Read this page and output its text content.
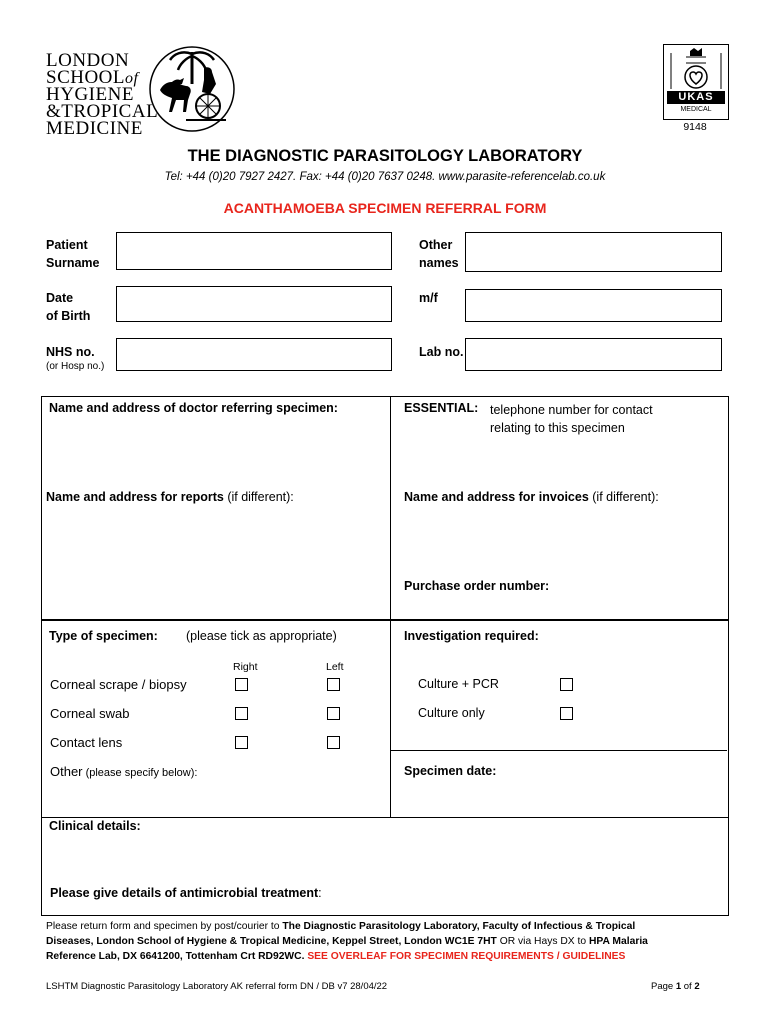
LONDON
SCHOOLof
HYGIENE
&TROPICAL
MEDICINE
UKAS
MEDICAL
9148
THE DIAGNOSTIC PARASITOLOGY LABORATORY
Tel: +44 (0)20 7927 2427. Fax: +44 (0)20 7637 0248. www.parasite-referencelab.co.uk
ACANTHAMOEBA SPECIMEN REFERRAL FORM
Patient
Surname
Other
names
Date
of Birth
m/f
NHS no.
(or Hosp no.)
Lab no.
Name and address of doctor referring specimen:	ESSENTIAL: telephone number for contact
relating to this specimen
Name and address for reports (if different):	Name and address for invoices (if different):
Purchase order number:
Type of specimen: (please tick as appropriate)	Investigation required:
Right	Left
Corneal scrape / biopsy
Corneal swab
Contact lens
Other (please specify below):
Culture + PCR
Culture only
Specimen date:
Clinical details:
Please give details of antimicrobial treatment:
Please return form and specimen by post/courier to The Diagnostic Parasitology Laboratory, Faculty of Infectious & Tropical
Diseases, London School of Hygiene & Tropical Medicine, Keppel Street, London WC1E 7HT OR via Hays DX to HPA Malaria
Reference Lab, DX 6641200, Tottenham Crt RD92WC. SEE OVERLEAF FOR SPECIMEN REQUIREMENTS / GUIDELINES
LSHTM Diagnostic Parasitology Laboratory AK referral form DN / DB v7 28/04/22	Page 1 of 2
